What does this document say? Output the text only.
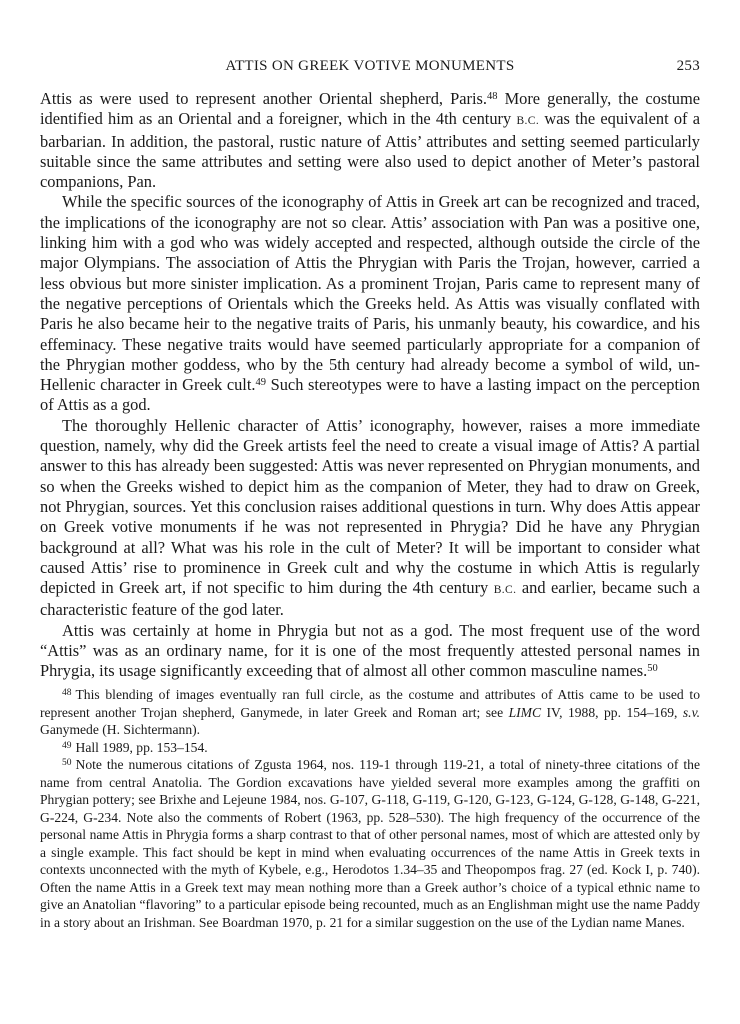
ATTIS ON GREEK VOTIVE MONUMENTS	253

Attis as were used to represent another Oriental shepherd, Paris.$^{48}$ More generally, the costume identified him as an Oriental and a foreigner, which in the 4th century B.C. was the equivalent of a barbarian. In addition, the pastoral, rustic nature of Attis’ attributes and setting seemed particularly suitable since the same attributes and setting were also used to depict another of Meter’s pastoral companions, Pan.

While the specific sources of the iconography of Attis in Greek art can be recognized and traced, the implications of the iconography are not so clear. Attis’ association with Pan was a positive one, linking him with a god who was widely accepted and respected, although outside the circle of the major Olympians. The association of Attis the Phrygian with Paris the Trojan, however, carried a less obvious but more sinister implication. As a prominent Trojan, Paris came to represent many of the negative perceptions of Orientals which the Greeks held. As Attis was visually conflated with Paris he also became heir to the negative traits of Paris, his unmanly beauty, his cowardice, and his effeminacy. These negative traits would have seemed particularly appropriate for a companion of the Phrygian mother goddess, who by the 5th century had already become a symbol of wild, un-Hellenic character in Greek cult.$^{49}$ Such stereotypes were to have a lasting impact on the perception of Attis as a god.

The thoroughly Hellenic character of Attis’ iconography, however, raises a more immediate question, namely, why did the Greek artists feel the need to create a visual image of Attis? A partial answer to this has already been suggested: Attis was never represented on Phrygian monuments, and so when the Greeks wished to depict him as the companion of Meter, they had to draw on Greek, not Phrygian, sources. Yet this conclusion raises additional questions in turn. Why does Attis appear on Greek votive monuments if he was not represented in Phrygia? Did he have any Phrygian background at all? What was his role in the cult of Meter? It will be important to consider what caused Attis’ rise to prominence in Greek cult and why the costume in which Attis is regularly depicted in Greek art, if not specific to him during the 4th century B.C. and earlier, became such a characteristic feature of the god later.

Attis was certainly at home in Phrygia but not as a god. The most frequent use of the word “Attis” was as an ordinary name, for it is one of the most frequently attested personal names in Phrygia, its usage significantly exceeding that of almost all other common masculine names.$^{50}$

$^{48}$ This blending of images eventually ran full circle, as the costume and attributes of Attis came to be used to represent another Trojan shepherd, Ganymede, in later Greek and Roman art; see LIMC IV, 1988, pp. 154–169, s.v. Ganymede (H. Sichtermann).

$^{49}$ Hall 1989, pp. 153–154.

$^{50}$ Note the numerous citations of Zgusta 1964, nos. 119-1 through 119-21, a total of ninety-three citations of the name from central Anatolia. The Gordion excavations have yielded several more examples among the graffiti on Phrygian pottery; see Brixhe and Lejeune 1984, nos. G-107, G-118, G-119, G-120, G-123, G-124, G-128, G-148, G-221, G-224, G-234. Note also the comments of Robert (1963, pp. 528–530). The high frequency of the occurrence of the personal name Attis in Phrygia forms a sharp contrast to that of other personal names, most of which are attested only by a single example. This fact should be kept in mind when evaluating occurrences of the name Attis in Greek texts in contexts unconnected with the myth of Kybele, e.g., Herodotos 1.34–35 and Theopompos frag. 27 (ed. Kock I, p. 740). Often the name Attis in a Greek text may mean nothing more than a Greek author’s choice of a typical ethnic name to give an Anatolian “flavoring” to a particular episode being recounted, much as an Englishman might use the name Paddy in a story about an Irishman. See Boardman 1970, p. 21 for a similar suggestion on the use of the Lydian name Manes.
